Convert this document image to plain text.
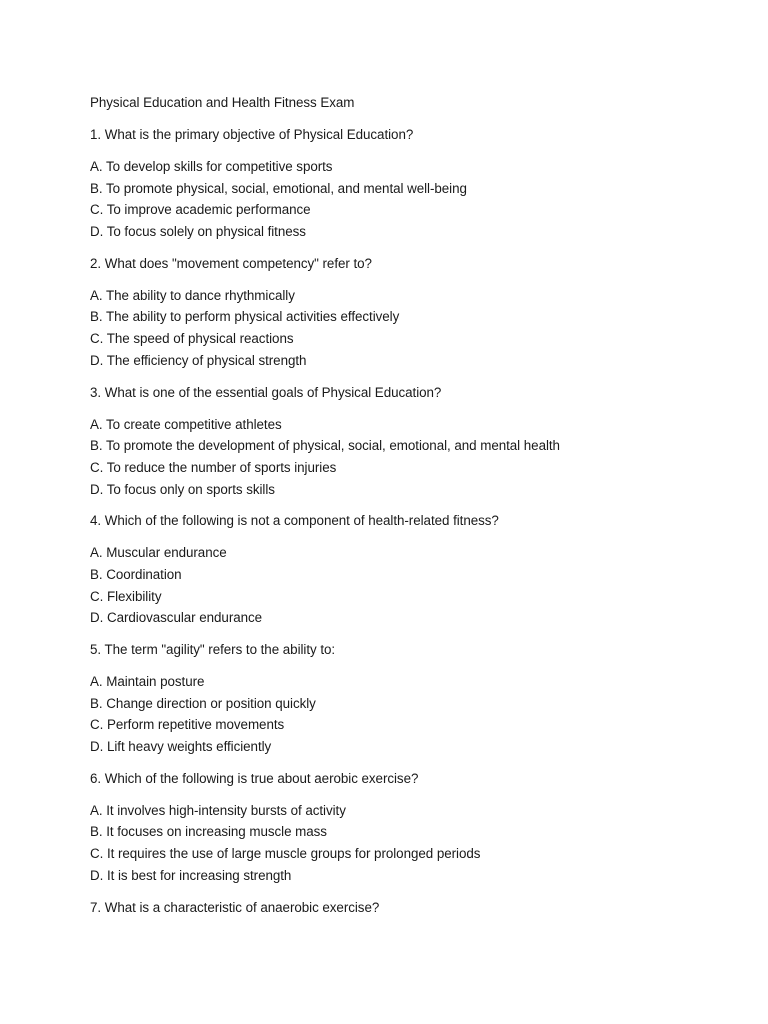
Physical Education and Health Fitness Exam
1. What is the primary objective of Physical Education?
A. To develop skills for competitive sports
B. To promote physical, social, emotional, and mental well-being
C. To improve academic performance
D. To focus solely on physical fitness
2. What does "movement competency" refer to?
A. The ability to dance rhythmically
B. The ability to perform physical activities effectively
C. The speed of physical reactions
D. The efficiency of physical strength
3. What is one of the essential goals of Physical Education?
A. To create competitive athletes
B. To promote the development of physical, social, emotional, and mental health
C. To reduce the number of sports injuries
D. To focus only on sports skills
4. Which of the following is not a component of health-related fitness?
A. Muscular endurance
B. Coordination
C. Flexibility
D. Cardiovascular endurance
5. The term "agility" refers to the ability to:
A. Maintain posture
B. Change direction or position quickly
C. Perform repetitive movements
D. Lift heavy weights efficiently
6. Which of the following is true about aerobic exercise?
A. It involves high-intensity bursts of activity
B. It focuses on increasing muscle mass
C. It requires the use of large muscle groups for prolonged periods
D. It is best for increasing strength
7. What is a characteristic of anaerobic exercise?
